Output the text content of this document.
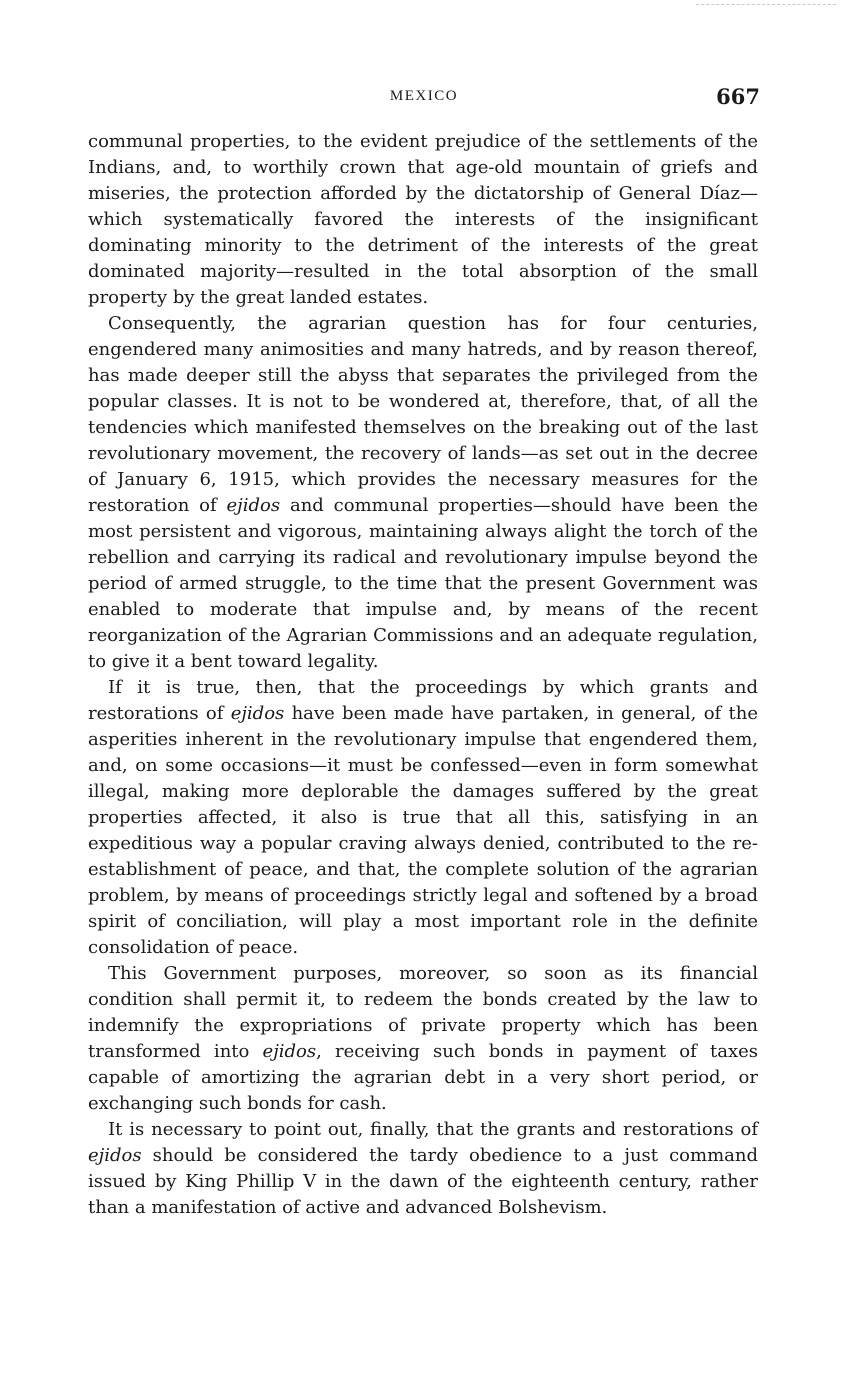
MEXICO	667

communal properties, to the evident prejudice of the settlements of the Indians, and, to worthily crown that age-old mountain of griefs and miseries, the protection afforded by the dictatorship of General Díaz—which systematically favored the interests of the insignificant dominating minority to the detriment of the interests of the great dominated majority—resulted in the total absorption of the small property by the great landed estates.

Consequently, the agrarian question has for four centuries, engendered many animosities and many hatreds, and by reason thereof, has made deeper still the abyss that separates the privileged from the popular classes. It is not to be wondered at, therefore, that, of all the tendencies which manifested themselves on the breaking out of the last revolutionary movement, the recovery of lands—as set out in the decree of January 6, 1915, which provides the necessary measures for the restoration of ejidos and communal properties—should have been the most persistent and vigorous, maintaining always alight the torch of the rebellion and carrying its radical and revolutionary impulse beyond the period of armed struggle, to the time that the present Government was enabled to moderate that impulse and, by means of the recent reorganization of the Agrarian Commissions and an adequate regulation, to give it a bent toward legality.

If it is true, then, that the proceedings by which grants and restorations of ejidos have been made have partaken, in general, of the asperities inherent in the revolutionary impulse that engendered them, and, on some occasions—it must be confessed—even in form somewhat illegal, making more deplorable the damages suffered by the great properties affected, it also is true that all this, satisfying in an expeditious way a popular craving always denied, contributed to the re-establishment of peace, and that, the complete solution of the agrarian problem, by means of proceedings strictly legal and softened by a broad spirit of conciliation, will play a most important role in the definite consolidation of peace.

This Government purposes, moreover, so soon as its financial condition shall permit it, to redeem the bonds created by the law to indemnify the expropriations of private property which has been transformed into ejidos, receiving such bonds in payment of taxes capable of amortizing the agrarian debt in a very short period, or exchanging such bonds for cash.

It is necessary to point out, finally, that the grants and restorations of ejidos should be considered the tardy obedience to a just command issued by King Phillip V in the dawn of the eighteenth century, rather than a manifestation of active and advanced Bolshevism.
